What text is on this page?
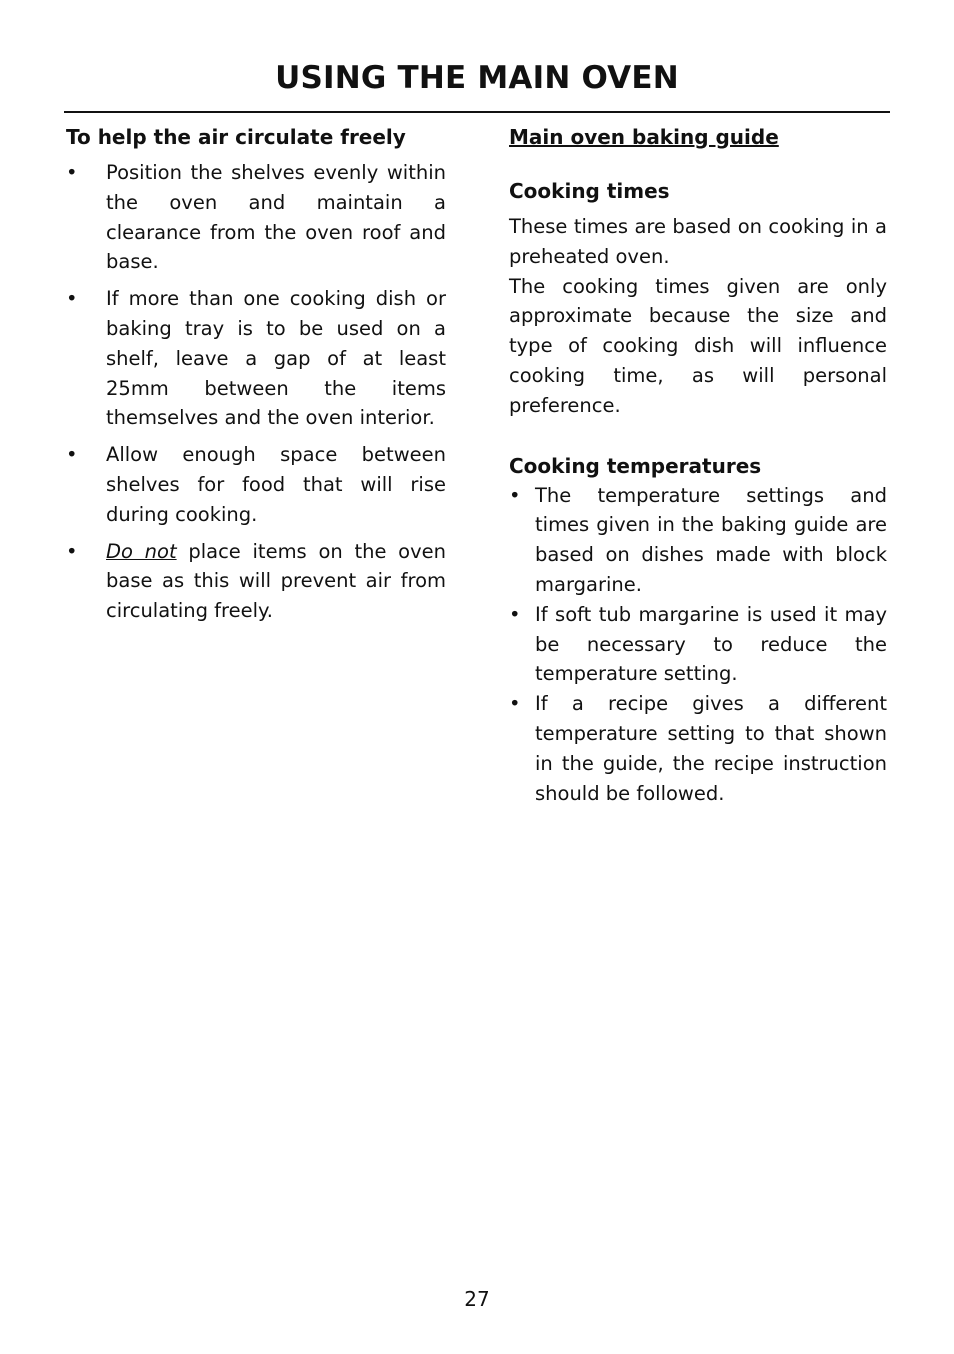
USING THE MAIN OVEN

To help the air circulate freely

• Position the shelves evenly within the oven and maintain a clearance from the oven roof and base.
• If more than one cooking dish or baking tray is to be used on a shelf, leave a gap of at least 25mm between the items themselves and the oven interior.
• Allow enough space between shelves for food that will rise during cooking.
• Do not place items on the oven base as this will prevent air from circulating freely.

Main oven baking guide

Cooking times

These times are based on cooking in a preheated oven.

The cooking times given are only approximate because the size and type of cooking dish will influence cooking time, as will personal preference.

Cooking temperatures

• The temperature settings and times given in the baking guide are based on dishes made with block margarine.
• If soft tub margarine is used it may be necessary to reduce the temperature setting.
• If a recipe gives a different temperature setting to that shown in the guide, the recipe instruction should be followed.
27
